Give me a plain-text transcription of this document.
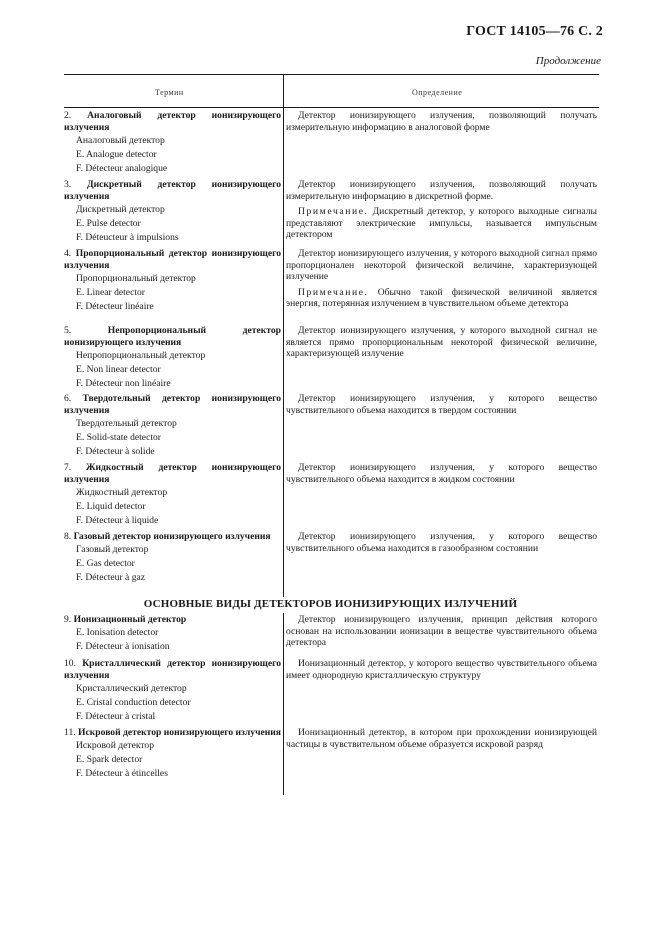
ГОСТ 14105—76 С. 2
Продолжение
Термин	Определение
2. Аналоговый детектор ионизирующего излучения
Аналоговый детектор
E. Analogue detector
F. Détecteur analogique
Детектор ионизирующего излучения, позволяющий получать измерительную информацию в аналоговой форме
3. Дискретный детектор ионизирующего излучения
Дискретный детектор
E. Pulse detector
F. Déteucteur à impulsions
Детектор ионизирующего излучения, позволяющий получать измерительную информацию в дискретной форме.
Примечание. Дискретный детектор, у которого выходные сигналы представляют электрические импульсы, называется импульсным детектором
4. Пропорциональный детектор ионизирующего излучения
Пропорциональный детектор
E. Linear detector
F. Détecteur linéaire
Детектор ионизирующего излучения, у которого выходной сигнал прямо пропорционален некоторой физической величине, характеризующей излучение
Примечание. Обычно такой физической величиной является энергия, потерянная излучением в чувствительном объеме детектора
5.	Непропорциональный детектор ионизирующего излучения
Непропорциональный детектор
E. Non linear detector
F. Détecteur non linéaire
Детектор ионизирующего излучения, у которого выходной сигнал не является прямо пропорциональным некоторой физической величине, характеризующей излучение
6. Твердотельный детектор ионизирующего излучения
Твердотельный детектор
E. Solid-state detector
F. Détecteur à solide
Детектор ионизирующего излучения, у которого вещество чувствительного объема находится в твердом состоянии
7. Жидкостный детектор ионизирующего излучения
Жидкостный детектор
E. Liquid detector
F. Détecteur à liquide
Детектор ионизирующего излучения, у которого вещество чувствительного объема находится в жидком состоянии
8. Газовый детектор ионизирующего излучения
Газовый детектор
E. Gas detector
F. Détecteur à gaz
Детектор ионизирующего излучения, у которого вещество чувствительного объема находится в газообразном состоянии
ОСНОВНЫЕ ВИДЫ ДЕТЕКТОРОВ ИОНИЗИРУЮЩИХ ИЗЛУЧЕНИЙ
9. Ионизационный детектор
E. Ionisation detector
F. Détecteur à ionisation
Детектор ионизирующего излучения, принцип действия которого основан на использовании ионизации в веществе чувствительного объема детектора
10. Кристаллический детектор ионизирующего излучения
Кристаллический детектор
E. Cristal conduction detector
F. Détecteur à cristal
Ионизационный детектор, у которого вещество чувствительного объема имеет однородную кристаллическую структуру
11. Искровой детектор ионизирующего излучения
Искровой детектор
E. Spark detector
F. Détecteur à étincelles
Ионизационный детектор, в котором при прохождении ионизирующей частицы в чувствительном объеме образуется искровой разряд
